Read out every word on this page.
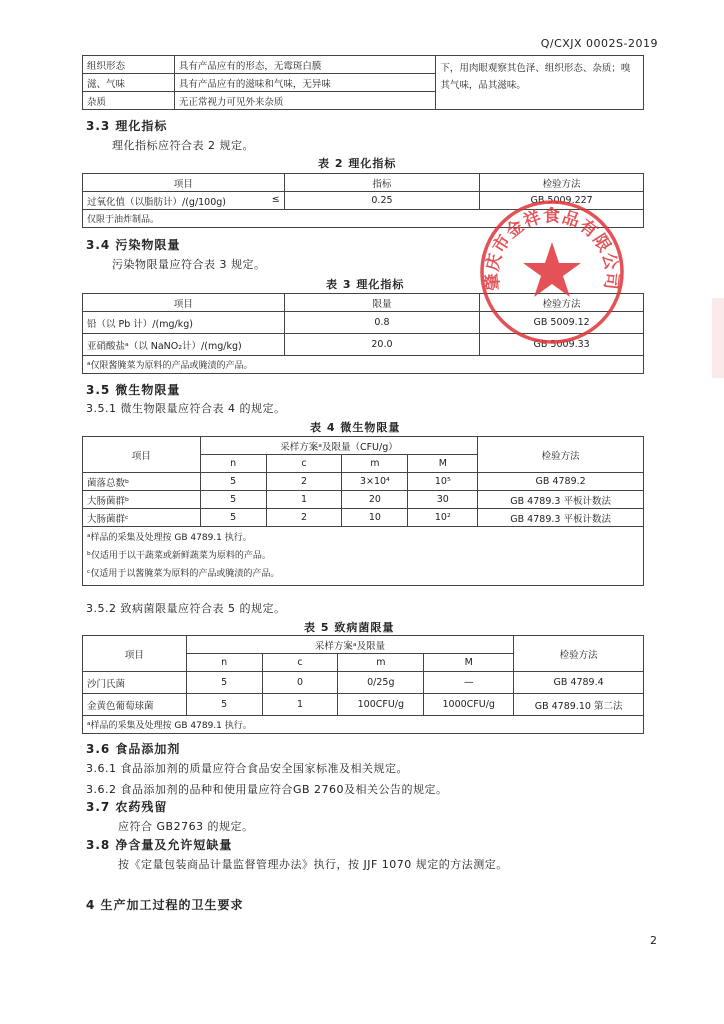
Q/CXJX 0002S-2019
组织形态	具有产品应有的形态，无霉斑白膜	下，用肉眼观察其色泽、组织形态、杂质；嗅其气味，品其滋味。
滋、气味	具有产品应有的滋味和气味，无异味	
杂质	无正常视力可见外来杂质	
3.3 理化指标
理化指标应符合表 2 规定。
表 2 理化指标
项目	指标	检验方法
过氧化值（以脂肪计）/(g/100g) ≤	0.25	GB 5009.227
仅限于油炸制品。		
3.4 污染物限量
污染物限量应符合表 3 规定。
表 3 理化指标
项目	限量	检验方法
铅（以 Pb 计）/(mg/kg)	0.8	GB 5009.12
亚硝酸盐ᵃ（以 NaNO₂计）/(mg/kg)	20.0	GB 5009.33
ᵃ仅限酱腌菜为原料的产品或腌渍的产品。		
3.5 微生物限量
3.5.1 微生物限量应符合表 4 的规定。
表 4 微生物限量
项目	采样方案ᵃ及限量（CFU/g）				检验方法
	n	c	m	M	
菌落总数ᵇ	5	2	3×10⁴	10⁵	GB 4789.2
大肠菌群ᵇ	5	1	20	30	GB 4789.3 平板计数法
大肠菌群ᶜ	5	2	10	10²	GB 4789.3 平板计数法

ᵃ样品的采集及处理按 GB 4789.1 执行。
ᵇ仅适用于以干蔬菜或新鲜蔬菜为原料的产品。
ᶜ仅适用于以酱腌菜为原料的产品或腌渍的产品。					
3.5.2 致病菌限量应符合表 5 的规定。
表 5 致病菌限量
项目	采样方案ᵃ及限量				检验方法
	n	c	m	M	
沙门氏菌	5	0	0/25g	—	GB 4789.4
金黄色葡萄球菌	5	1	100CFU/g	1000CFU/g	GB 4789.10 第二法
ᵃ样品的采集及处理按 GB 4789.1 执行。					
3.6 食品添加剂
3.6.1 食品添加剂的质量应符合食品安全国家标准及相关规定。
3.6.2 食品添加剂的品种和使用量应符合GB 2760及相关公告的规定。
3.7 农药残留
应符合 GB2763 的规定。
3.8 净含量及允许短缺量
按《定量包装商品计量监督管理办法》执行，按 JJF 1070 规定的方法测定。
4 生产加工过程的卫生要求
2
肇庆市金祥食品有限公司
